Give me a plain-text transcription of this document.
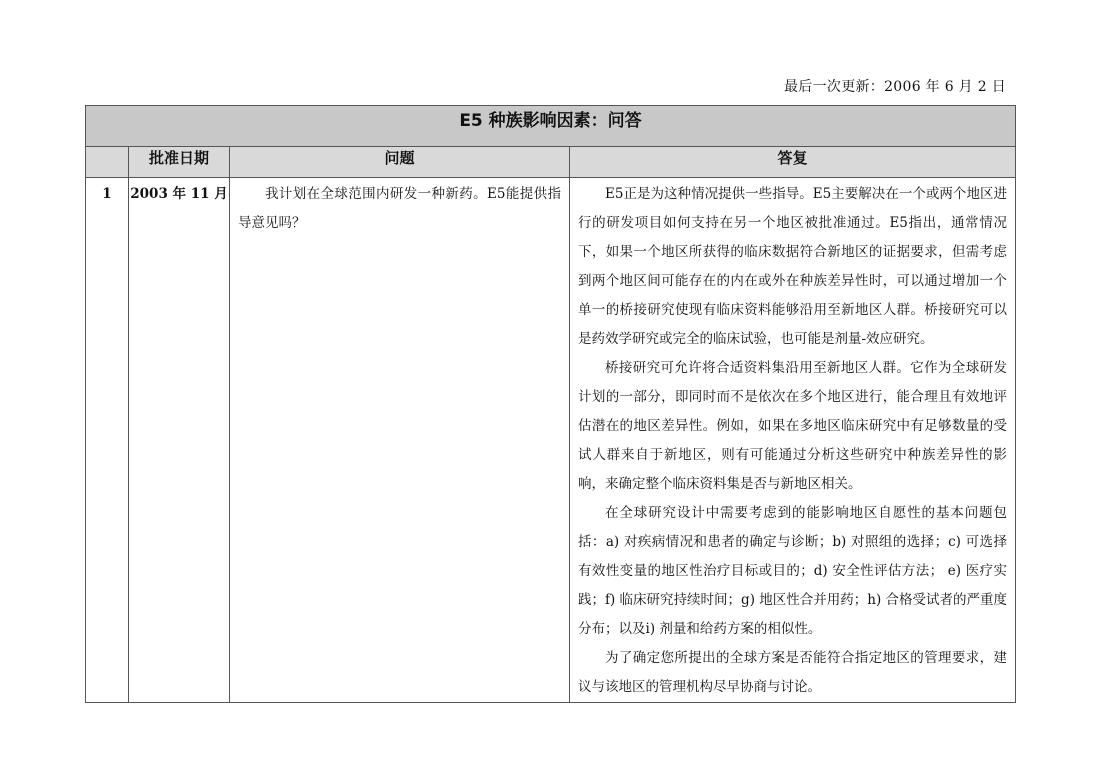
最后一次更新：2006 年 6 月 2 日
E5 种族影响因素：问答			
	批准日期	问题	答复
1	2003 年 11 月	我计划在全球范围内研发一种新药。E5能提供指导意见吗？	E5正是为这种情况提供一些指导。E5主要解决在一个或两个地区进行的研发项目如何支持在另一个地区被批准通过。E5指出，通常情况下，如果一个地区所获得的临床数据符合新地区的证据要求，但需考虑到两个地区间可能存在的内在或外在种族差异性时，可以通过增加一个单一的桥接研究使现有临床资料能够沿用至新地区人群。桥接研究可以是药效学研究或完全的临床试验，也可能是剂量-效应研究。

桥接研究可允许将合适资料集沿用至新地区人群。它作为全球研发计划的一部分，即同时而不是依次在多个地区进行，能合理且有效地评估潜在的地区差异性。例如，如果在多地区临床研究中有足够数量的受试人群来自于新地区，则有可能通过分析这些研究中种族差异性的影响，来确定整个临床资料集是否与新地区相关。

在全球研究设计中需要考虑到的能影响地区自愿性的基本问题包括：a) 对疾病情况和患者的确定与诊断；b) 对照组的选择；c) 可选择有效性变量的地区性治疗目标或目的；d) 安全性评估方法； e) 医疗实践；f) 临床研究持续时间；g) 地区性合并用药；h) 合格受试者的严重度分布；以及i) 剂量和给药方案的相似性。

为了确定您所提出的全球方案是否能符合指定地区的管理要求，建议与该地区的管理机构尽早协商与讨论。
